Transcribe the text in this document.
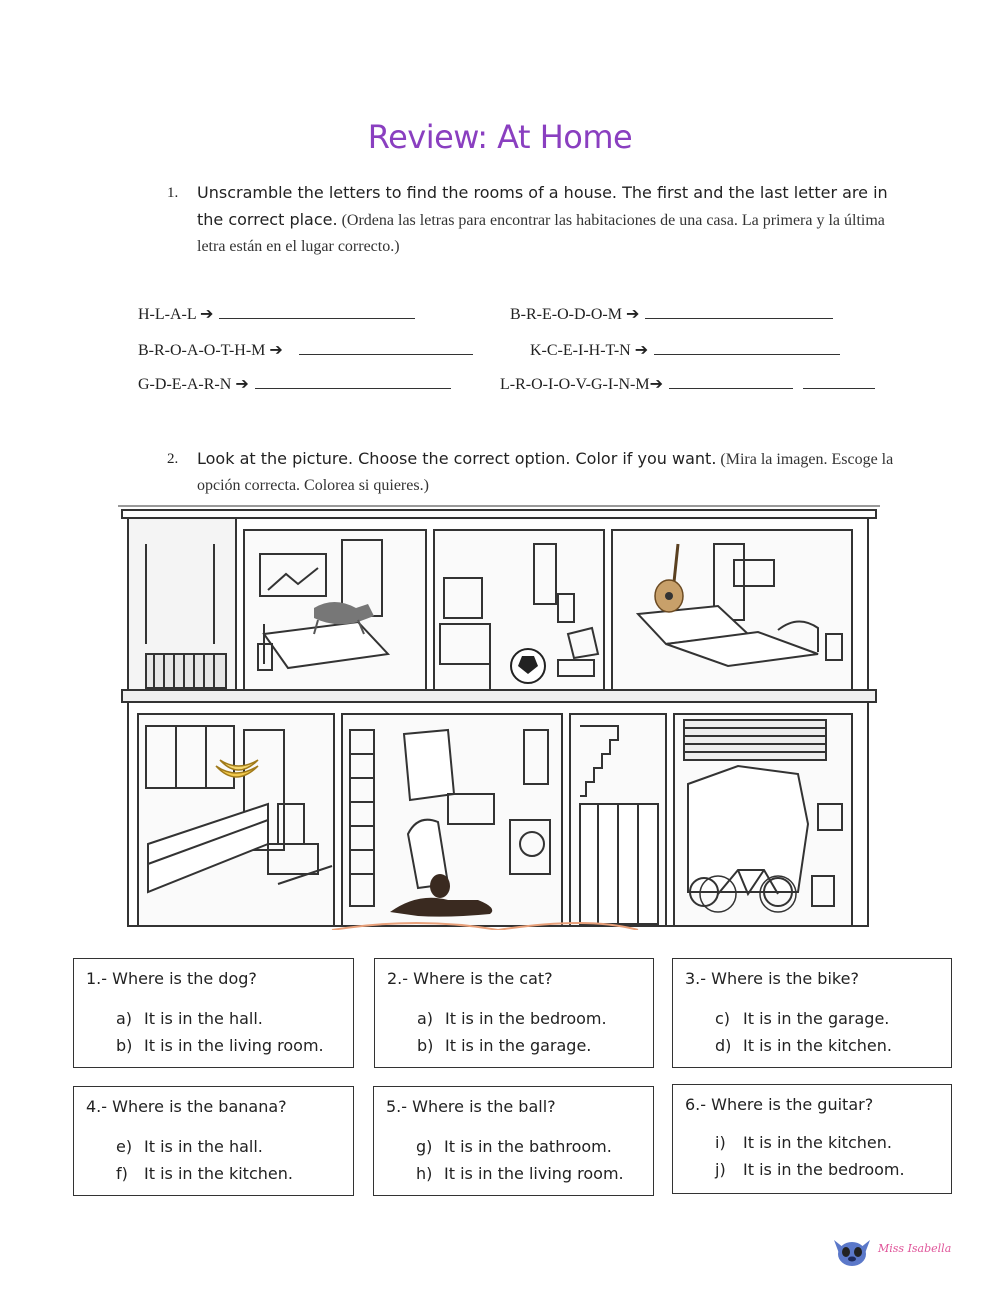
Review: At Home
1. Unscramble the letters to find the rooms of a house. The first and the last letter are in the correct place. (Ordena las letras para encontrar las habitaciones de una casa. La primera y la última letra están en el lugar correcto.)
H-L-A-L ➔	B-R-E-O-D-O-M ➔
B-R-O-A-O-T-H-M ➔	K-C-E-I-H-T-N ➔
G-D-E-A-R-N ➔	L-R-O-I-O-V-G-I-N-M➔
2. Look at the picture. Choose the correct option. Color if you want. (Mira la imagen. Escoge la opción correcta. Colorea si quieres.)
1.- Where is the dog?
a) It is in the hall.
b) It is in the living room.
2.- Where is the cat?
a) It is in the bedroom.
b) It is in the garage.
3.- Where is the bike?
c) It is in the garage.
d) It is in the kitchen.
4.- Where is the banana?
e) It is in the hall.
f) It is in the kitchen.
5.- Where is the ball?
g) It is in the bathroom.
h) It is in the living room.
6.- Where is the guitar?
i) It is in the kitchen.
j) It is in the bedroom.
Miss Isabella
